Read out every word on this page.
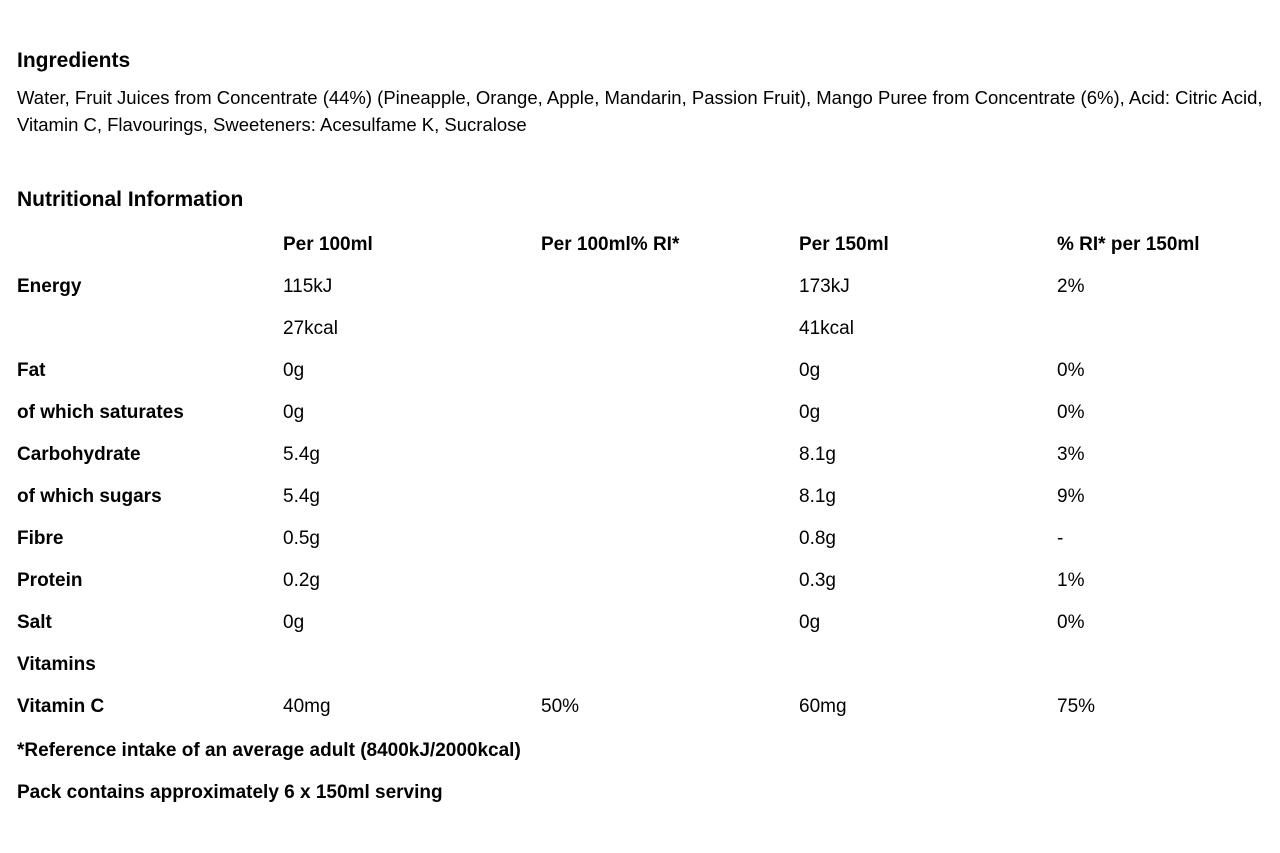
Ingredients

Water, Fruit Juices from Concentrate (44%) (Pineapple, Orange, Apple, Mandarin, Passion Fruit), Mango Puree from Concentrate (6%), Acid: Citric Acid, Vitamin C, Flavourings, Sweeteners: Acesulfame K, Sucralose

Nutritional Information
	Per 100ml	Per 100ml% RI*	Per 150ml	% RI* per 150ml
Energy	115kJ		173kJ	2%
	27kcal		41kcal	
Fat	0g		0g	0%
of which saturates	0g		0g	0%
Carbohydrate	5.4g		8.1g	3%
of which sugars	5.4g		8.1g	9%
Fibre	0.5g		0.8g	-
Protein	0.2g		0.3g	1%
Salt	0g		0g	0%
Vitamins				
Vitamin C	40mg	50%	60mg	75%

*Reference intake of an average adult (8400kJ/2000kcal)

Pack contains approximately 6 x 150ml serving
